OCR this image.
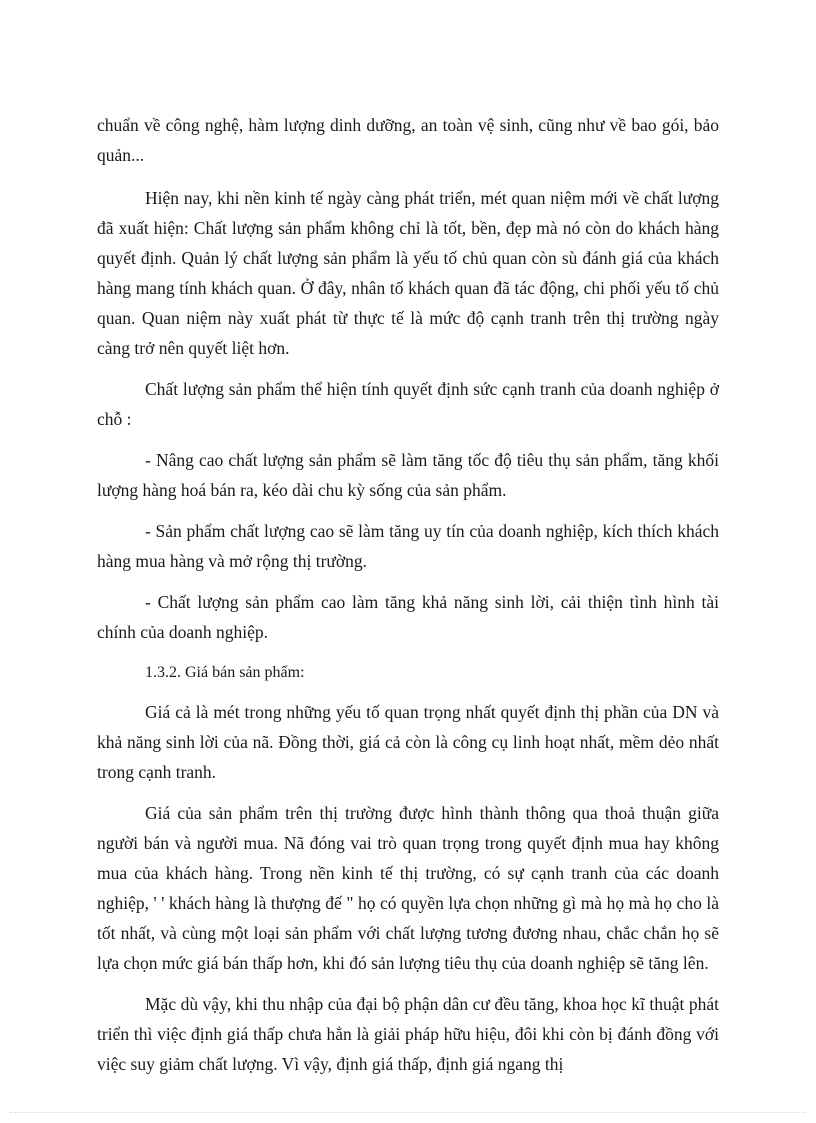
chuẩn về công nghệ, hàm lượng dinh dưỡng, an toàn vệ sinh, cũng như về bao gói, bảo quản...

Hiện nay, khi nền kinh tế ngày càng phát triển, mét quan niệm mới về chất lượng đã xuất hiện: Chất lượng sản phẩm không chỉ là tốt, bền, đẹp mà nó còn do khách hàng quyết định. Quản lý chất lượng sản phẩm là yếu tố chủ quan còn sù đánh giá của khách hàng mang tính khách quan. Ở đây, nhân tố khách quan đã tác động, chi phối yếu tố chủ quan. Quan niệm này xuất phát từ thực tế là mức độ cạnh tranh trên thị trường ngày càng trở nên quyết liệt hơn.

Chất lượng sản phẩm thể hiện tính quyết định sức cạnh tranh của doanh nghiệp ở chỗ :

- Nâng cao chất lượng sản phẩm sẽ làm tăng tốc độ tiêu thụ sản phẩm, tăng khối lượng hàng hoá bán ra, kéo dài chu kỳ sống của sản phẩm.

- Sản phẩm chất lượng cao sẽ làm tăng uy tín của doanh nghiệp, kích thích khách hàng mua hàng và mở rộng thị trường.

- Chất lượng sản phẩm cao làm tăng khả năng sinh lời, cải thiện tình hình tài chính của doanh nghiệp.

1.3.2. Giá bán sản phẩm:

Giá cả là mét trong những yếu tố quan trọng nhất quyết định thị phần của DN và khả năng sinh lời của nã. Đồng thời, giá cả còn là công cụ linh hoạt nhất, mềm dẻo nhất trong cạnh tranh.

Giá của sản phẩm trên thị trường được hình thành thông qua thoả thuận giữa người bán và người mua. Nã đóng vai trò quan trọng trong quyết định mua hay không mua của khách hàng. Trong nền kinh tế thị trường, có sự cạnh tranh của các doanh nghiệp, ' ' khách hàng là thượng đế " họ có quyền lựa chọn những gì mà họ mà họ cho là tốt nhất, và cùng một loại sản phẩm với chất lượng tương đương nhau, chắc chắn họ sẽ lựa chọn mức giá bán thấp hơn, khi đó sản lượng tiêu thụ của doanh nghiệp sẽ tăng lên.

Mặc dù vậy, khi thu nhập của đại bộ phận dân cư đều tăng, khoa học kĩ thuật phát triển thì việc định giá thấp chưa hẳn là giải pháp hữu hiệu, đôi khi còn bị đánh đồng với việc suy giảm chất lượng. Vì vậy, định giá thấp, định giá ngang thị
